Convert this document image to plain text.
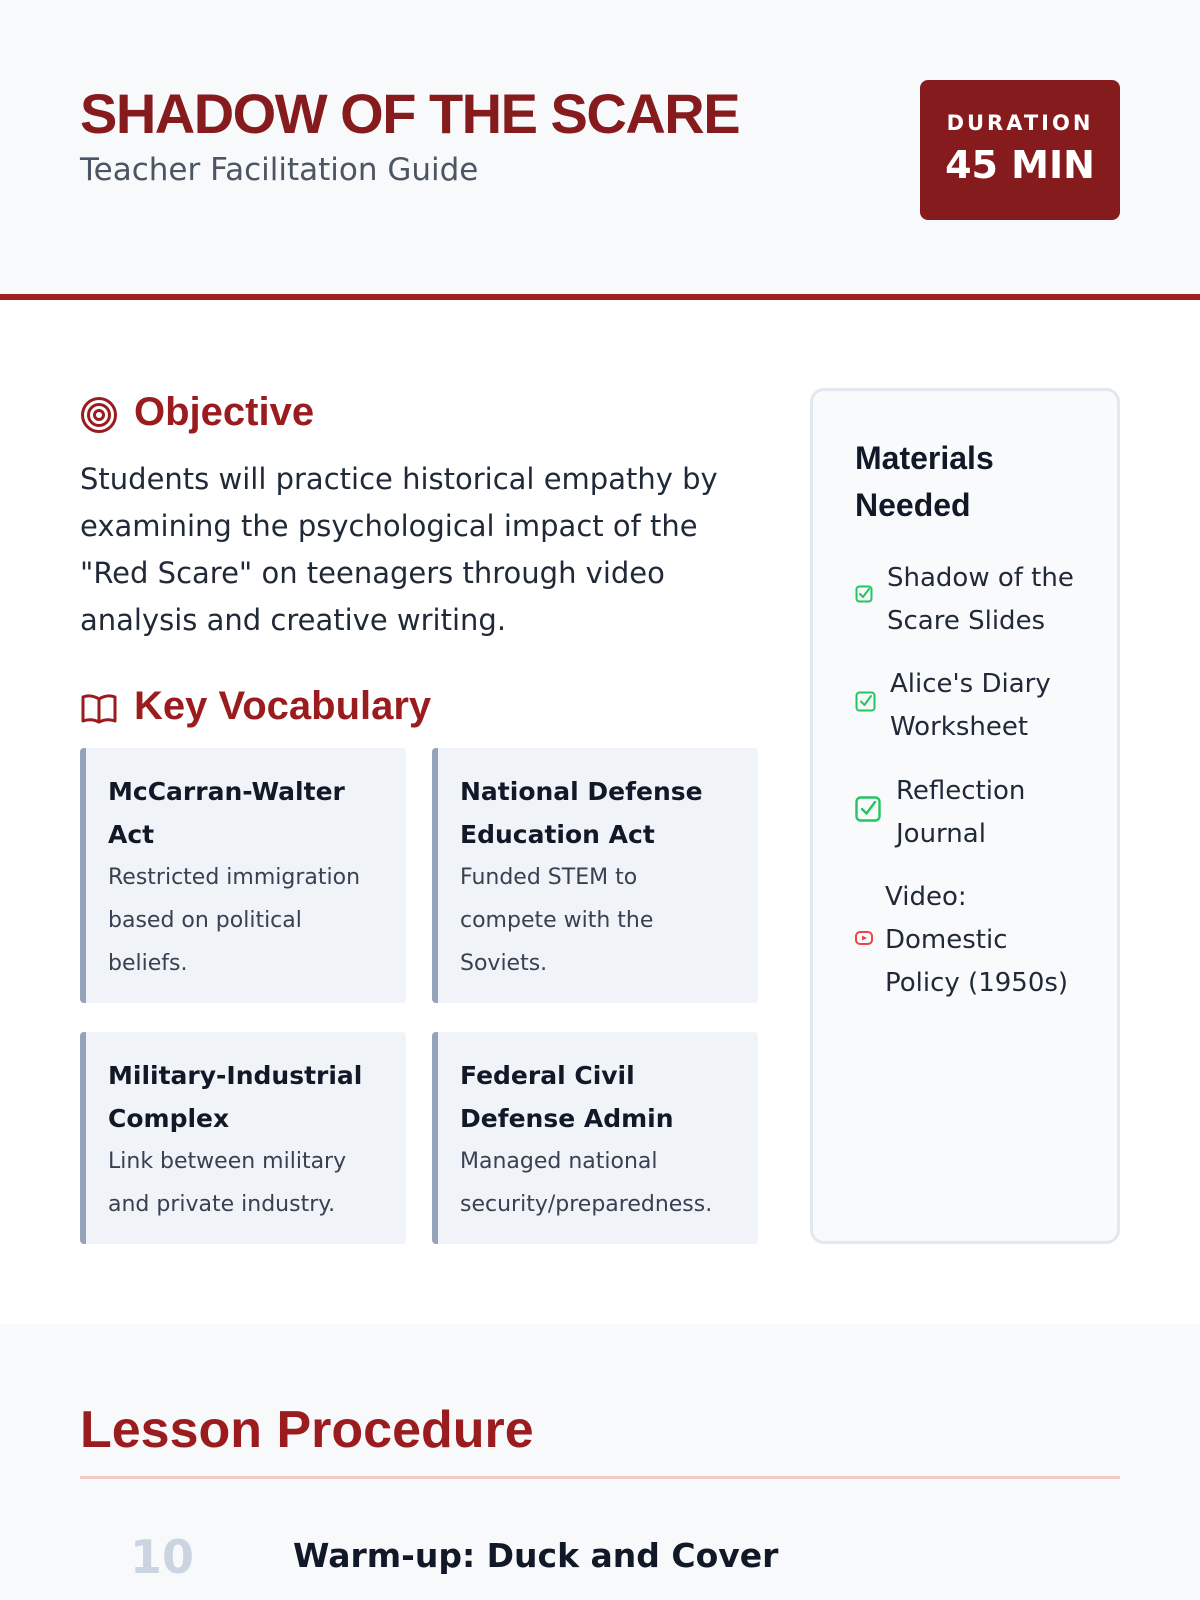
SHADOW OF THE SCARE
Teacher Facilitation Guide
DURATION
45 MIN
Objective
Students will practice historical empathy by examining the psychological impact of the "Red Scare" on teenagers through video analysis and creative writing.
Key Vocabulary
McCarran-Walter Act
Restricted immigration based on political beliefs.
National Defense Education Act
Funded STEM to compete with the Soviets.
Military-Industrial Complex
Link between military and private industry.
Federal Civil Defense Admin
Managed national security/preparedness.
Materials Needed
Shadow of the Scare Slides
Alice's Diary Worksheet
Reflection Journal
Video: Domestic Policy (1950s)
Lesson Procedure
10	Warm-up: Duck and Cover
